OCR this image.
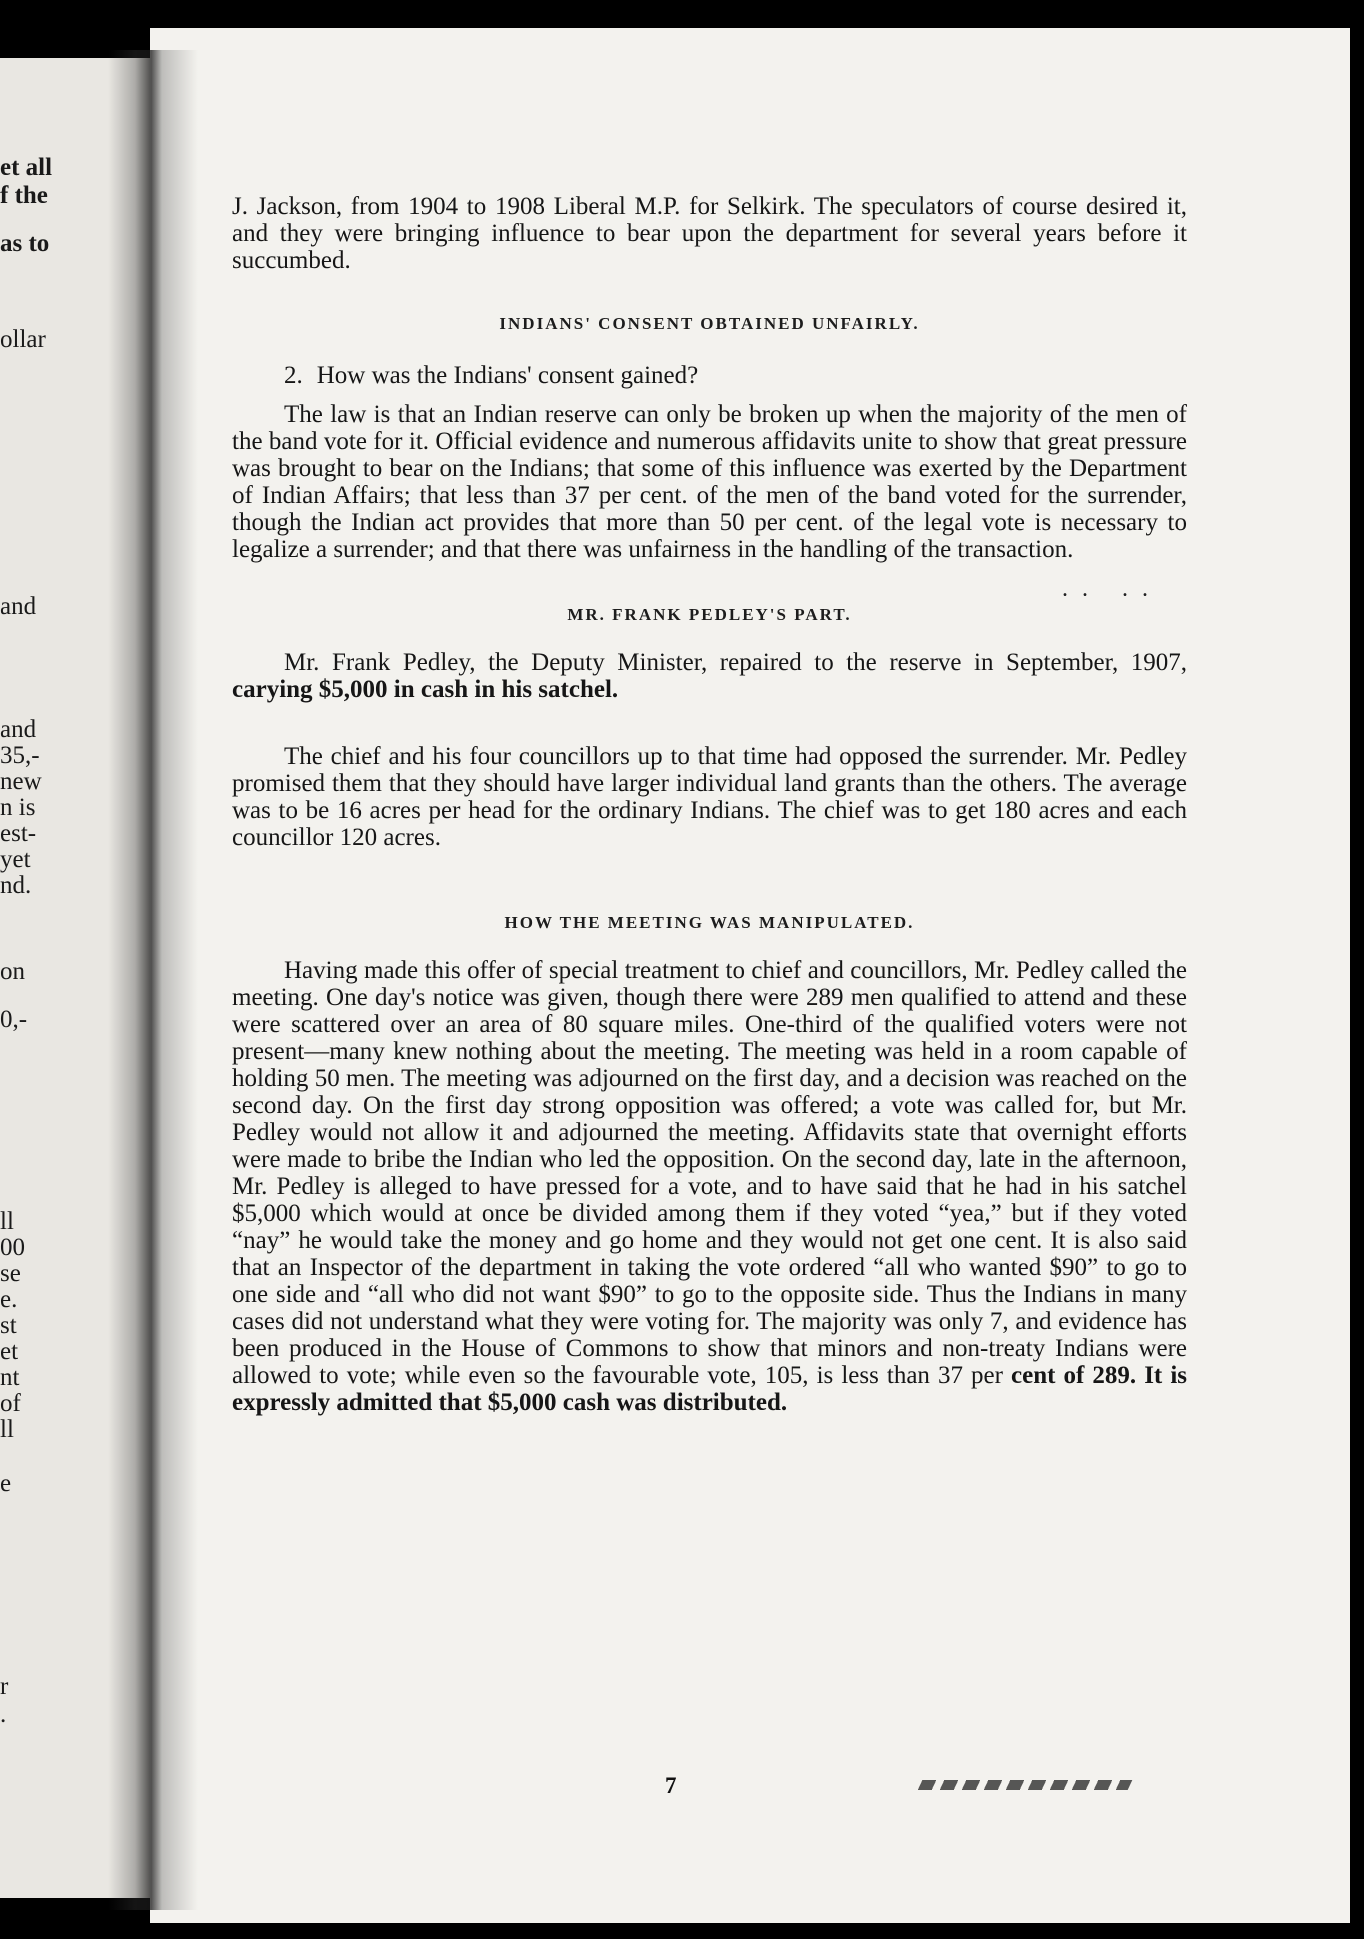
et all
f the
as to
ollar
and
and
35,-
new
n is
est-
yet
nd.
on
0,-
ll
00
se
e.
st
et
nt
of
ll
e
r
.

J. Jackson, from 1904 to 1908 Liberal M.P. for Selkirk. The speculators of course desired it, and they were bringing influence to bear upon the department for several years before it succumbed.

INDIANS' CONSENT OBTAINED UNFAIRLY.

2. How was the Indians' consent gained?

The law is that an Indian reserve can only be broken up when the majority of the men of the band vote for it. Official evidence and numerous affidavits unite to show that great pressure was brought to bear on the Indians; that some of this influence was exerted by the Department of Indian Affairs; that less than 37 per cent. of the men of the band voted for the surrender, though the Indian act provides that more than 50 per cent. of the legal vote is necessary to legalize a surrender; and that there was unfairness in the handling of the transaction.

MR. FRANK PEDLEY'S PART.

Mr. Frank Pedley, the Deputy Minister, repaired to the reserve in September, 1907, carying $5,000 in cash in his satchel.

The chief and his four councillors up to that time had opposed the surrender. Mr. Pedley promised them that they should have larger individual land grants than the others. The average was to be 16 acres per head for the ordinary Indians. The chief was to get 180 acres and each councillor 120 acres.

HOW THE MEETING WAS MANIPULATED.

Having made this offer of special treatment to chief and councillors, Mr. Pedley called the meeting. One day's notice was given, though there were 289 men qualified to attend and these were scattered over an area of 80 square miles. One-third of the qualified voters were not present—many knew nothing about the meeting. The meeting was held in a room capable of holding 50 men. The meeting was adjourned on the first day, and a decision was reached on the second day. On the first day strong opposition was offered; a vote was called for, but Mr. Pedley would not allow it and adjourned the meeting. Affidavits state that overnight efforts were made to bribe the Indian who led the opposition. On the second day, late in the afternoon, Mr. Pedley is alleged to have pressed for a vote, and to have said that he had in his satchel $5,000 which would at once be divided among them if they voted “yea,” but if they voted “nay” he would take the money and go home and they would not get one cent. It is also said that an Inspector of the department in taking the vote ordered “all who wanted $90” to go to one side and “all who did not want $90” to go to the opposite side. Thus the Indians in many cases did not understand what they were voting for. The majority was only 7, and evidence has been produced in the House of Commons to show that minors and non-treaty Indians were allowed to vote; while even so the favourable vote, 105, is less than 37 per cent of 289. It is expressly admitted that $5,000 cash was distributed.

.. ..
7
